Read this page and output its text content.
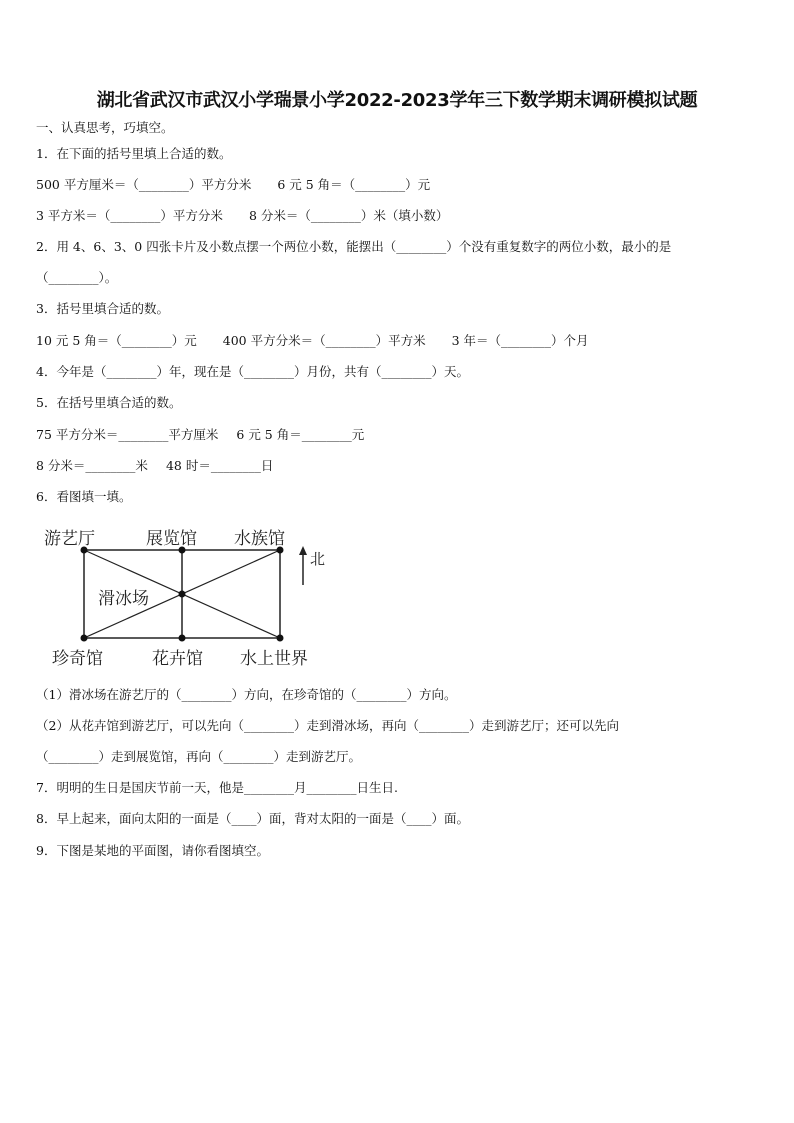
湖北省武汉市武汉小学瑞景小学2022-2023学年三下数学期末调研模拟试题
一、认真思考，巧填空。
1．在下面的括号里填上合适的数。
500 平方厘米＝（________）平方分米 6 元 5 角＝（________）元
3 平方米＝（________）平方分米 8 分米＝（________）米（填小数）
2．用 4、6、3、0 四张卡片及小数点摆一个两位小数，能摆出（________）个没有重复数字的两位小数，最小的是
（________）。
3．括号里填合适的数。
10 元 5 角＝（________）元 400 平方分米＝（________）平方米 3 年＝（________）个月
4．今年是（________）年，现在是（________）月份，共有（________）天。
5．在括号里填合适的数。
75 平方分米＝________平方厘米 6 元 5 角＝________元
8 分米＝________米 48 时＝________日
6．看图填一填。
游艺厅	展览馆 水族馆
滑冰场
珍奇馆	花卉馆 水上世界
北
（1）滑冰场在游艺厅的（________）方向，在珍奇馆的（________）方向。
（2）从花卉馆到游艺厅，可以先向（________）走到滑冰场，再向（________）走到游艺厅；还可以先向
（________）走到展览馆，再向（________）走到游艺厅。
7．明明的生日是国庆节前一天，他是________月________日生日.
8．早上起来，面向太阳的一面是（____）面，背对太阳的一面是（____）面。
9．下图是某地的平面图，请你看图填空。
